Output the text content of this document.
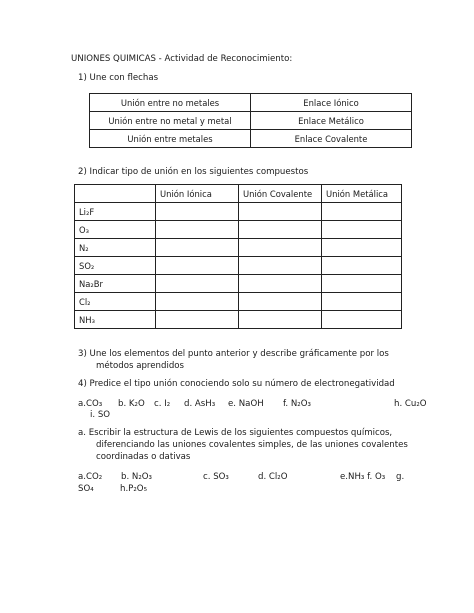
UNIONES QUIMICAS - Actividad de Reconocimiento:
1) Une con flechas
Unión entre no metales	Enlace Iónico
Unión entre no metal y metal	Enlace Metálico
Unión entre metales	Enlace Covalente
2) Indicar tipo de unión en los siguientes compuestos
	Unión Iónica	Unión Covalente	Unión Metálica
Li₂F			
O₃			
N₂			
SO₂			
Na₂Br			
Cl₂			
NH₃			
3) Une los elementos del punto anterior y describe gráficamente por los
métodos aprendidos
4) Predice el tipo unión conociendo solo su número de electronegatividad
a.CO₃ b. K₂O c. I₂ d. AsH₃ e. NaOH f. N₂O₃	h. Cu₂O
i. SO
a. Escribir la estructura de Lewis de los siguientes compuestos químicos,
diferenciando las uniones covalentes simples, de las uniones covalentes
coordinadas o dativas
a.CO₂ b. N₂O₃	c. SO₃	d. Cl₂O	e.NH₃ f. O₃ g.
SO₄	h.P₂O₅
